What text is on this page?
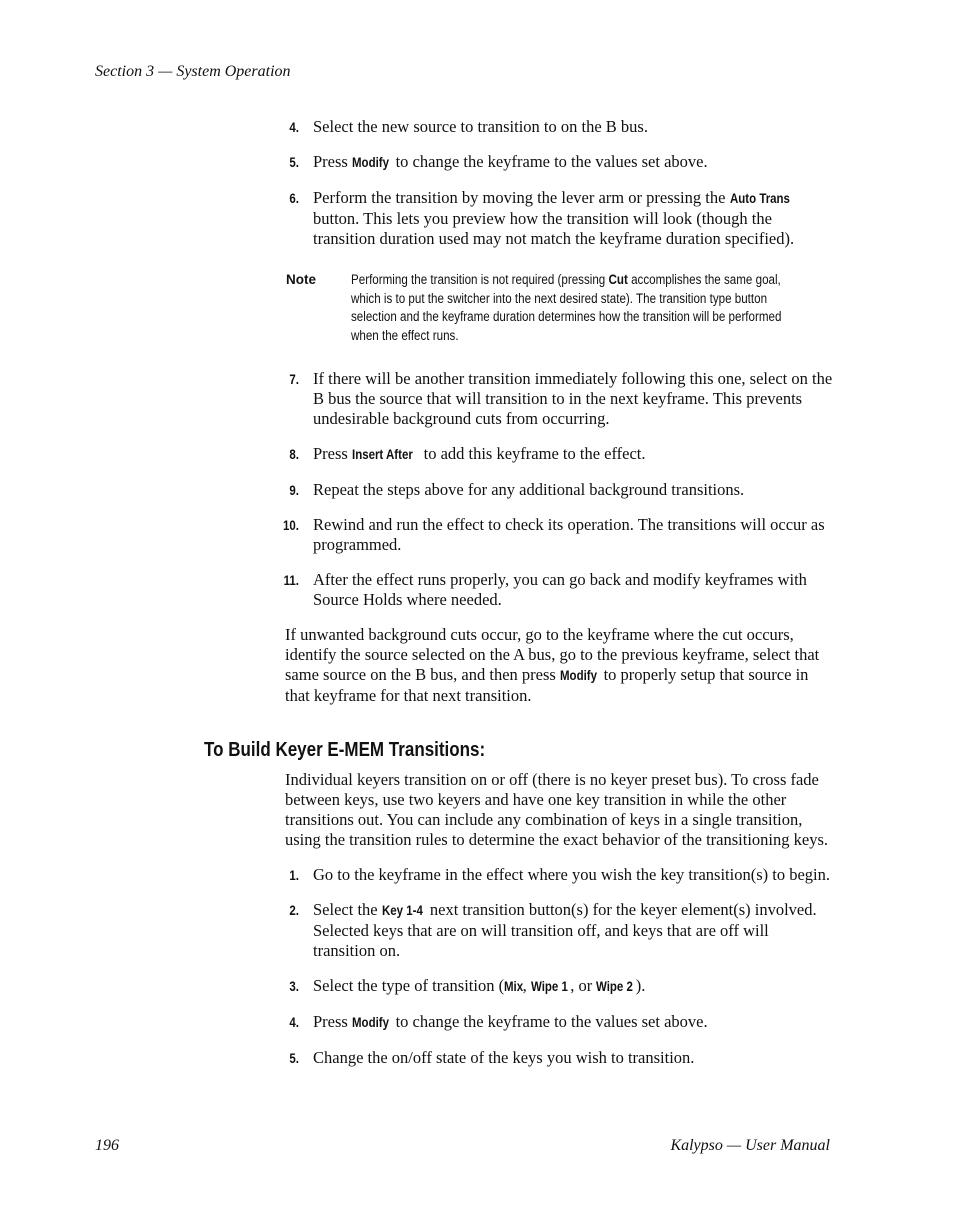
Section 3 — System Operation
4. Select the new source to transition to on the B bus.
5. Press Modify to change the keyframe to the values set above.
6. Perform the transition by moving the lever arm or pressing the Auto Trans button. This lets you preview how the transition will look (though the transition duration used may not match the keyframe duration specified).
Note	Performing the transition is not required (pressing Cut accomplishes the same goal, which is to put the switcher into the next desired state). The transition type button selection and the keyframe duration determines how the transition will be performed when the effect runs.
7. If there will be another transition immediately following this one, select on the B bus the source that will transition to in the next keyframe. This prevents undesirable background cuts from occurring.
8. Press Insert After to add this keyframe to the effect.
9. Repeat the steps above for any additional background transitions.
10. Rewind and run the effect to check its operation. The transitions will occur as programmed.
11. After the effect runs properly, you can go back and modify keyframes with Source Holds where needed.
If unwanted background cuts occur, go to the keyframe where the cut occurs, identify the source selected on the A bus, go to the previous keyframe, select that same source on the B bus, and then press Modify to properly setup that source in that keyframe for that next transition.
To Build Keyer E-MEM Transitions:
Individual keyers transition on or off (there is no keyer preset bus). To cross fade between keys, use two keyers and have one key transition in while the other transitions out. You can include any combination of keys in a single transition, using the transition rules to determine the exact behavior of the transitioning keys.
1. Go to the keyframe in the effect where you wish the key transition(s) to begin.
2. Select the Key 1-4 next transition button(s) for the keyer element(s) involved. Selected keys that are on will transition off, and keys that are off will transition on.
3. Select the type of transition (Mix, Wipe 1 , or Wipe 2 ).
4. Press Modify to change the keyframe to the values set above.
5. Change the on/off state of the keys you wish to transition.
196	Kalypso — User Manual
